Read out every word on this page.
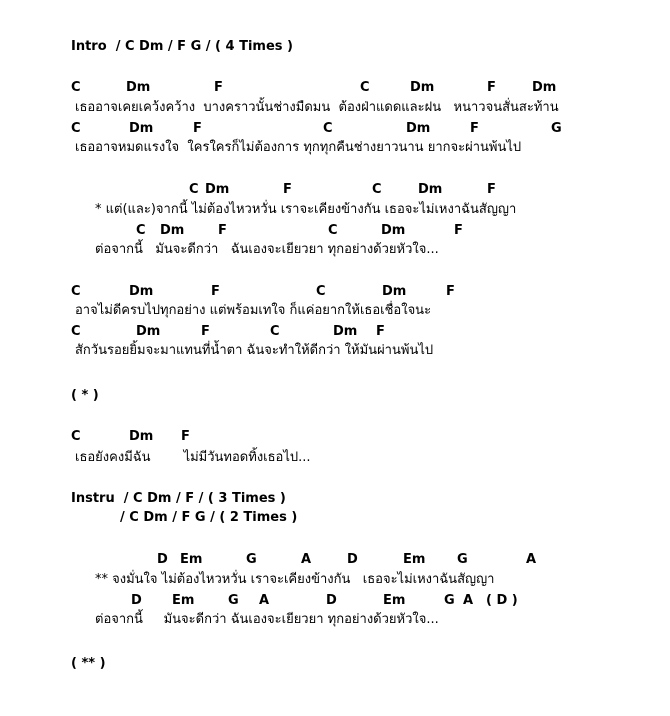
Intro  / C Dm / F G / ( 4 Times )
C	Dm	F	C	Dm	F	Dm
เธออาจเคยเคว้งคว้าง  บางคราวนั้นช่างมืดมน  ต้องฝ่าแดดและฝน   หนาวจนสั่นสะท้าน
C	Dm	F	C	Dm	F	G
เธออาจหมดแรงใจ  ใครใครก็ไม่ต้องการ ทุกทุกคืนช่างยาวนาน ยากจะผ่านพ้นไป
C Dm	F	C	Dm	F
* แต่(และ)จากนี้ ไม่ต้องไหวหวั่น เราจะเคียงข้างกัน เธอจะไม่เหงาฉันสัญญา
C Dm	F	C	Dm	F
ต่อจากนี้   มันจะดีกว่า   ฉันเองจะเยียวยา ทุกอย่างด้วยหัวใจ...
C	Dm	F	C	Dm	F
อาจไม่ดีครบไปทุกอย่าง แต่พร้อมเทใจ ก็แค่อยากให้เธอเชื่อใจนะ
C	Dm	F	C	Dm F
สักวันรอยยิ้มจะมาแทนที่น้ำตา ฉันจะทำให้ดีกว่า ให้มันผ่านพ้นไป
( * )
C	Dm F
เธอยังคงมีฉัน        ไม่มีวันทอดทิ้งเธอไป...
Instru  / C Dm / F / ( 3 Times )
/ C Dm / F G / ( 2 Times )
D Em	G	A	D	Em G	A
** จงมั่นใจ ไม่ต้องไหวหวั่น เราจะเคียงข้างกัน   เธอจะไม่เหงาฉันสัญญา
D Em	G A	D	Em	G A ( D )
ต่อจากนี้     มันจะดีกว่า ฉันเองจะเยียวยา ทุกอย่างด้วยหัวใจ...
( ** )
